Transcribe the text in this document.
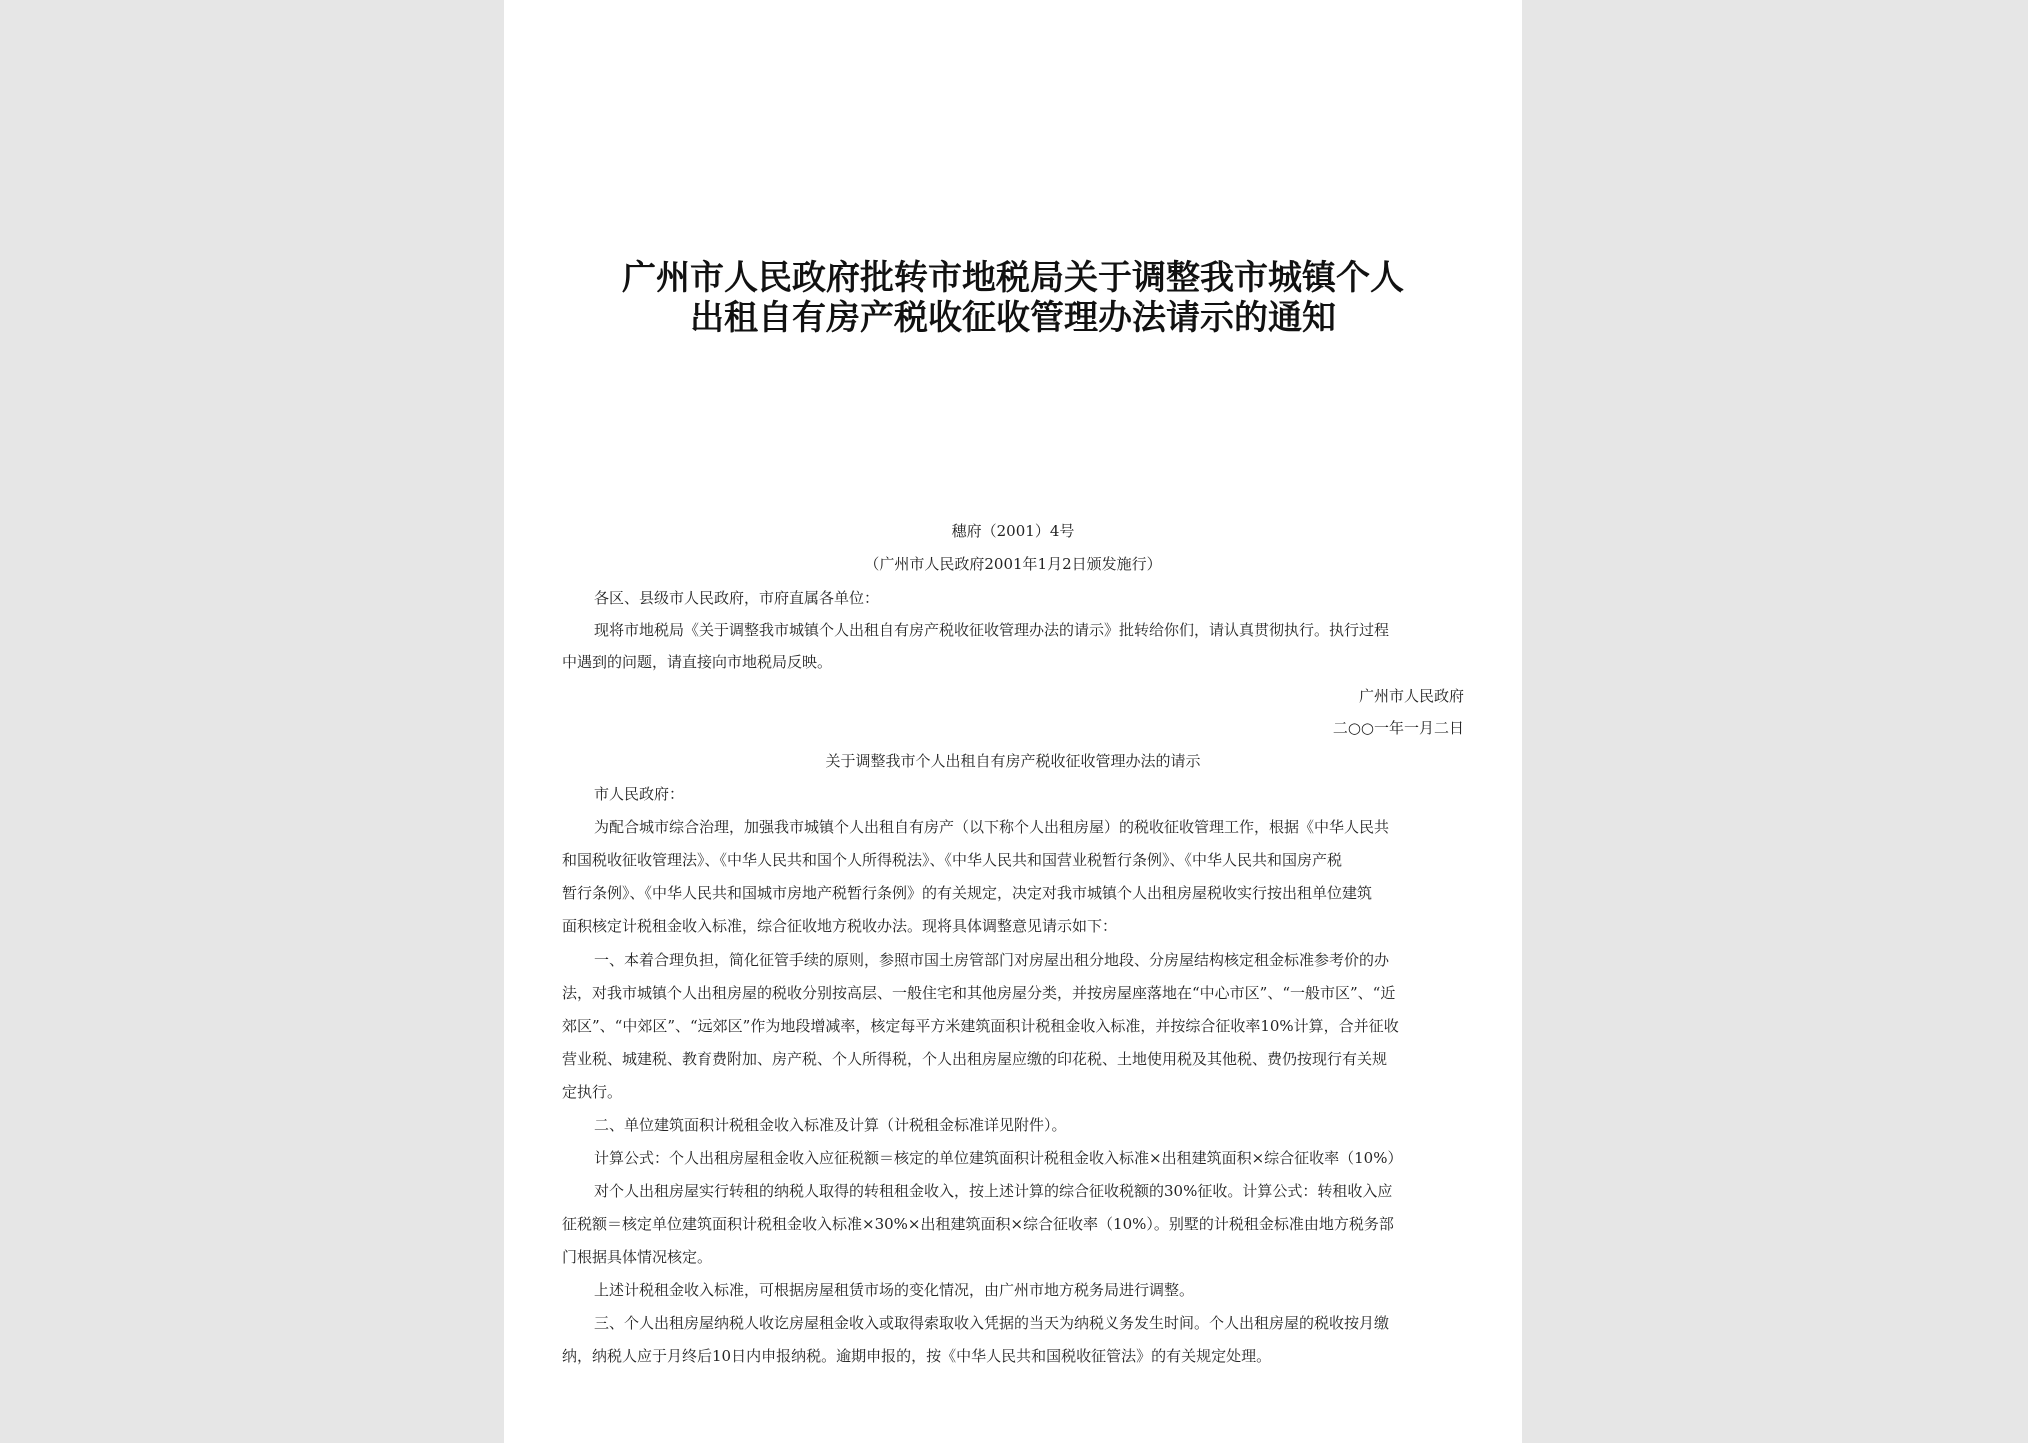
广州市人民政府批转市地税局关于调整我市城镇个人
出租自有房产税收征收管理办法请示的通知
穗府（2001）4号
（广州市人民政府2001年1月2日颁发施行）
各区、县级市人民政府，市府直属各单位：
现将市地税局《关于调整我市城镇个人出租自有房产税收征收管理办法的请示》批转给你们，请认真贯彻执行。执行过程
中遇到的问题，请直接向市地税局反映。
广州市人民政府
二○○一年一月二日
关于调整我市个人出租自有房产税收征收管理办法的请示
市人民政府：
为配合城市综合治理，加强我市城镇个人出租自有房产（以下称个人出租房屋）的税收征收管理工作，根据《中华人民共
和国税收征收管理法》、《中华人民共和国个人所得税法》、《中华人民共和国营业税暂行条例》、《中华人民共和国房产税
暂行条例》、《中华人民共和国城市房地产税暂行条例》的有关规定，决定对我市城镇个人出租房屋税收实行按出租单位建筑
面积核定计税租金收入标准，综合征收地方税收办法。现将具体调整意见请示如下：
一、本着合理负担，简化征管手续的原则，参照市国土房管部门对房屋出租分地段、分房屋结构核定租金标准参考价的办
法，对我市城镇个人出租房屋的税收分别按高层、一般住宅和其他房屋分类，并按房屋座落地在“中心市区”、“一般市区”、“近
郊区”、“中郊区”、“远郊区”作为地段增减率，核定每平方米建筑面积计税租金收入标准，并按综合征收率10%计算，合并征收
营业税、城建税、教育费附加、房产税、个人所得税，个人出租房屋应缴的印花税、土地使用税及其他税、费仍按现行有关规
定执行。
二、单位建筑面积计税租金收入标准及计算（计税租金标准详见附件）。
计算公式：个人出租房屋租金收入应征税额＝核定的单位建筑面积计税租金收入标准×出租建筑面积×综合征收率（10%）
对个人出租房屋实行转租的纳税人取得的转租租金收入，按上述计算的综合征收税额的30%征收。计算公式：转租收入应
征税额＝核定单位建筑面积计税租金收入标准×30%×出租建筑面积×综合征收率（10%）。别墅的计税租金标准由地方税务部
门根据具体情况核定。
上述计税租金收入标准，可根据房屋租赁市场的变化情况，由广州市地方税务局进行调整。
三、个人出租房屋纳税人收讫房屋租金收入或取得索取收入凭据的当天为纳税义务发生时间。个人出租房屋的税收按月缴
纳，纳税人应于月终后10日内申报纳税。逾期申报的，按《中华人民共和国税收征管法》的有关规定处理。
